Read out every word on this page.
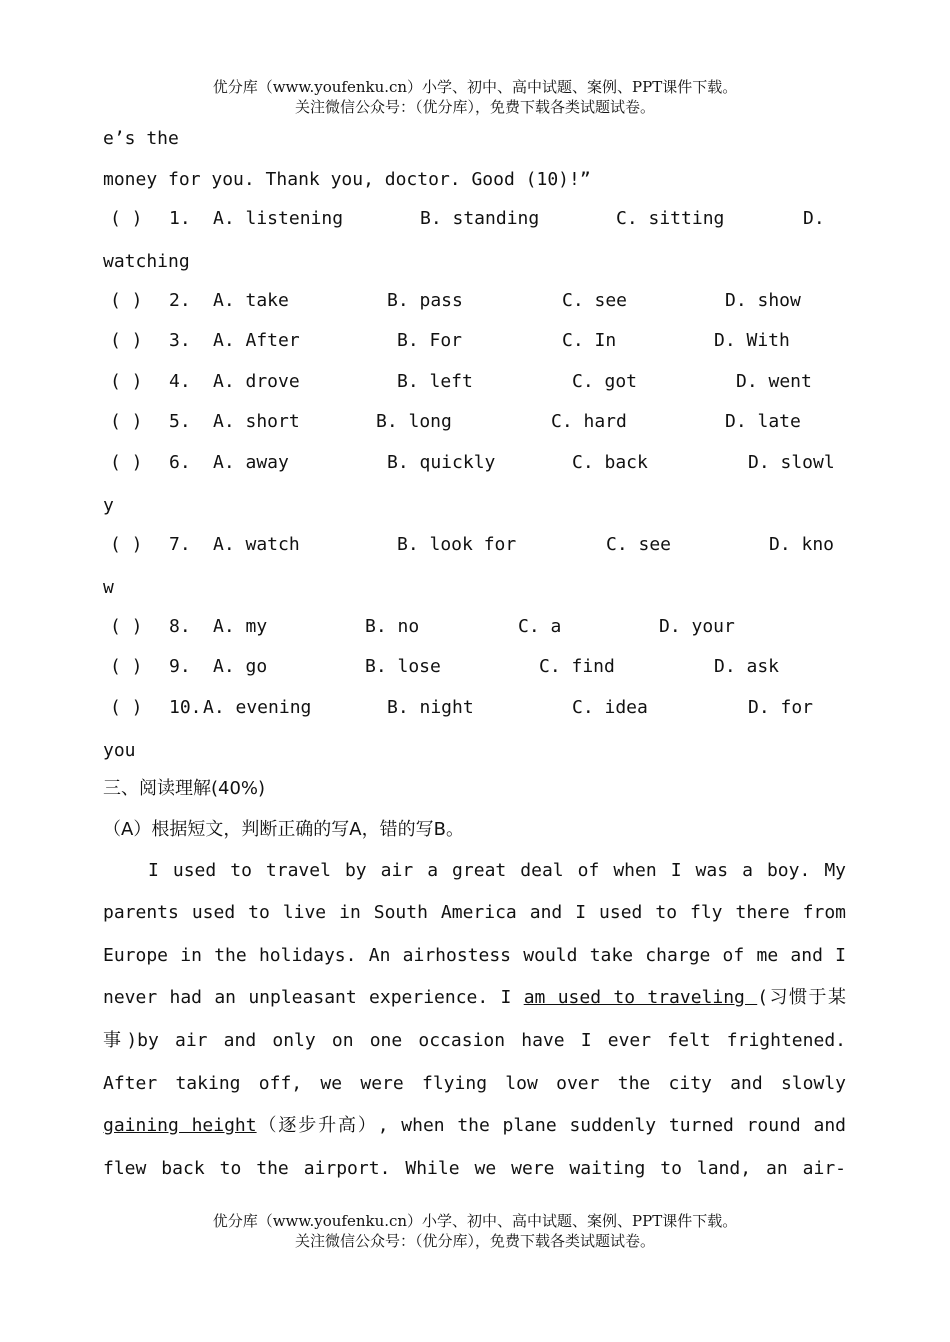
优分库（www.youfenku.cn）小学、初中、高中试题、案例、PPT课件下载。
关注微信公众号：（优分库），免费下载各类试题试卷。
e’s the
money for you. Thank you, doctor. Good (10)!”
( ) 1. A. listening	B. standing	C. sitting	D.
watching
( ) 2. A. take	B. pass	C. see	D. show
( ) 3. A. After	B. For	C. In	D. With
( ) 4. A. drove	B. left	C. got	D. went
( ) 5. A. short	B. long	C. hard	D. late
( ) 6. A. away	B. quickly	C. back	D. slowl
y
( ) 7. A. watch	B. look for	C. see	D. kno
w
( ) 8. A. my	B. no	C. a	D. your
( ) 9. A. go	B. lose	C. find	D. ask
( ) 10. A. evening	B. night	C. idea	D. for
you
三、阅读理解(40%)
（A）根据短文，判断正确的写A，错的写B。
I used to travel by air a great deal of when I was a boy. My
parents used to live in South America and I used to fly there from
Europe in the holidays. An airhostess would take charge of me and I
never had an unpleasant experience. I am used to traveling (习惯于某
事)by air and only on one occasion have I ever felt frightened.
After taking off, we were flying low over the city and slowly
gaining height（逐步升高）, when the plane suddenly turned round and
flew back to the airport. While we were waiting to land, an air-
优分库（www.youfenku.cn）小学、初中、高中试题、案例、PPT课件下载。
关注微信公众号：（优分库），免费下载各类试题试卷。
